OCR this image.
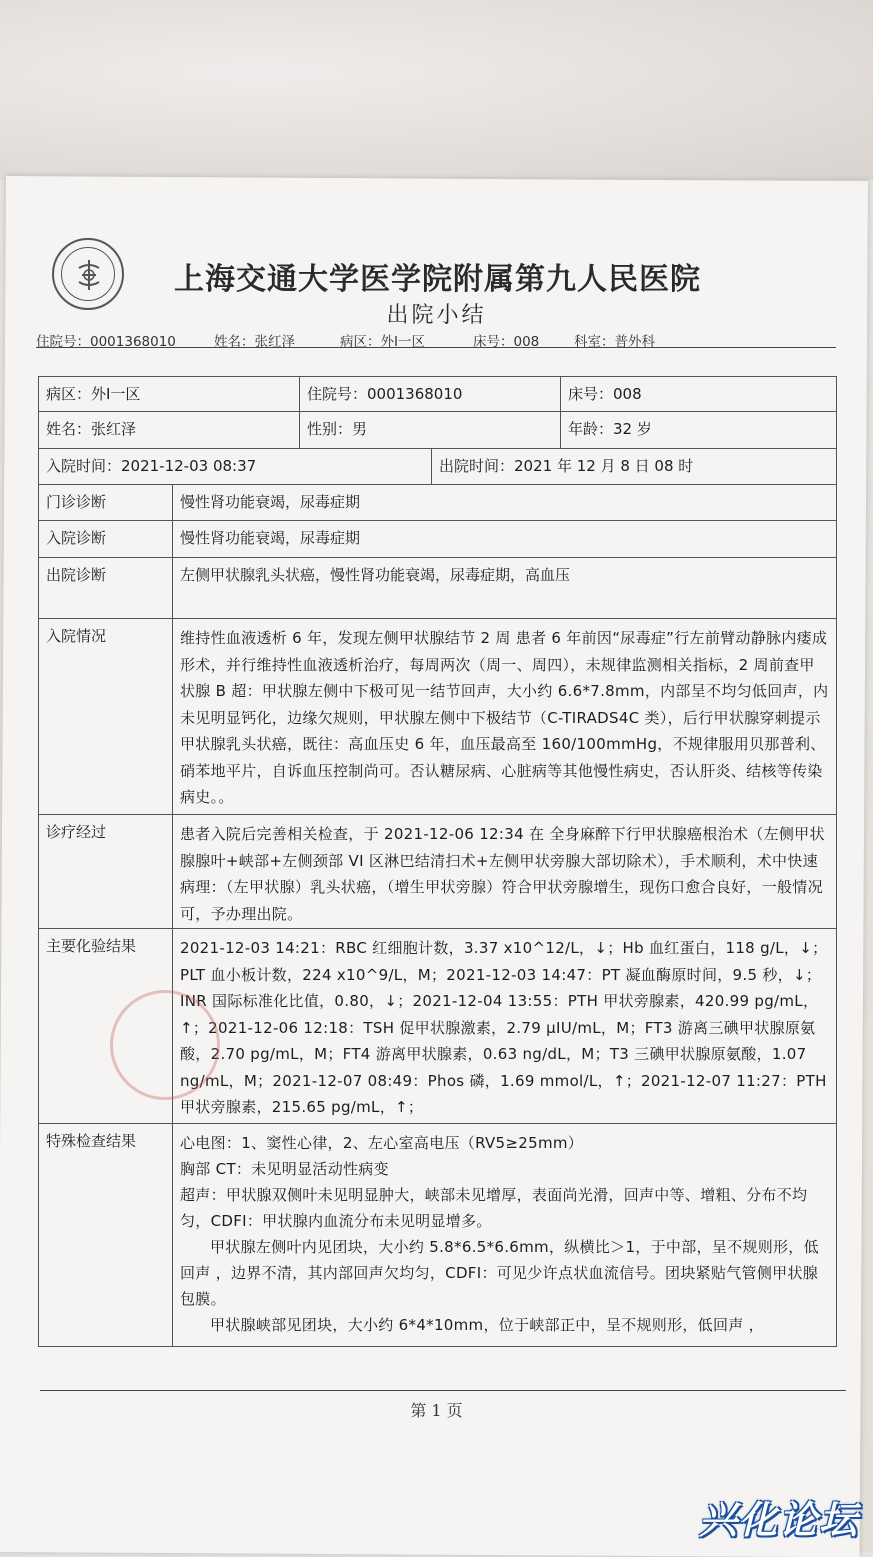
上海交通大学医学院附属第九人民医院
出院小结
住院号：0001368010	姓名：张红泽	病区：外Ⅰ一区	床号：008	科室：普外科
病区：外Ⅰ一区	住院号：0001368010	床号：008
姓名：张红泽	性别：男	年龄：32 岁
入院时间：2021-12-03 08:37	出院时间：2021 年 12 月 8 日 08 时
门诊诊断	慢性肾功能衰竭，尿毒症期
入院诊断	慢性肾功能衰竭，尿毒症期
出院诊断	左侧甲状腺乳头状癌，慢性肾功能衰竭，尿毒症期，高血压
入院情况	维持性血液透析 6 年，发现左侧甲状腺结节 2 周 患者 6 年前因“尿毒症”行左前臂动静脉内瘘成形术，并行维持性血液透析治疗，每周两次（周一、周四），未规律监测相关指标，2 周前查甲状腺 B 超：甲状腺左侧中下极可见一结节回声，大小约 6.6*7.8mm，内部呈不均匀低回声，内未见明显钙化，边缘欠规则，甲状腺左侧中下极结节（C-TIRADS4C 类），后行甲状腺穿刺提示甲状腺乳头状癌，既往：高血压史 6 年，血压最高至 160/100mmHg，不规律服用贝那普利、硝苯地平片，自诉血压控制尚可。否认糖尿病、心脏病等其他慢性病史，否认肝炎、结核等传染病史。。
诊疗经过	患者入院后完善相关检查，于 2021-12-06 12:34 在 全身麻醉下行甲状腺癌根治术（左侧甲状腺腺叶+峡部+左侧颈部 VI 区淋巴结清扫术+左侧甲状旁腺大部切除术），手术顺利，术中快速病理：（左甲状腺）乳头状癌，（增生甲状旁腺）符合甲状旁腺增生，现伤口愈合良好，一般情况可，予办理出院。
主要化验结果	2021-12-03 14:21：RBC 红细胞计数，3.37 x10^12/L，↓；Hb 血红蛋白，118 g/L，↓；PLT 血小板计数，224 x10^9/L，M；2021-12-03 14:47：PT 凝血酶原时间，9.5 秒，↓；INR 国际标准化比值，0.80，↓；2021-12-04 13:55：PTH 甲状旁腺素，420.99 pg/mL，↑；2021-12-06 12:18：TSH 促甲状腺激素，2.79 μIU/mL，M；FT3 游离三碘甲状腺原氨酸，2.70 pg/mL，M；FT4 游离甲状腺素，0.63 ng/dL，M；T3 三碘甲状腺原氨酸，1.07 ng/mL，M；2021-12-07 08:49：Phos 磷，1.69 mmol/L，↑；2021-12-07 11:27：PTH 甲状旁腺素，215.65 pg/mL，↑；
特殊检查结果	心电图：1、窦性心律，2、左心室高电压（RV5≥25mm）

胸部 CT：未见明显活动性病变

超声：甲状腺双侧叶未见明显肿大，峡部未见增厚，表面尚光滑，回声中等、增粗、分布不均匀，CDFI：甲状腺内血流分布未见明显增多。

甲状腺左侧叶内见团块，大小约 5.8*6.5*6.6mm，纵横比＞1，于中部，呈不规则形，低回声 ，边界不清，其内部回声欠均匀，CDFI：可见少许点状血流信号。团块紧贴气管侧甲状腺包膜。

甲状腺峡部见团块，大小约 6*4*10mm，位于峡部正中，呈不规则形，低回声 ，

第 1 页
兴化论坛
